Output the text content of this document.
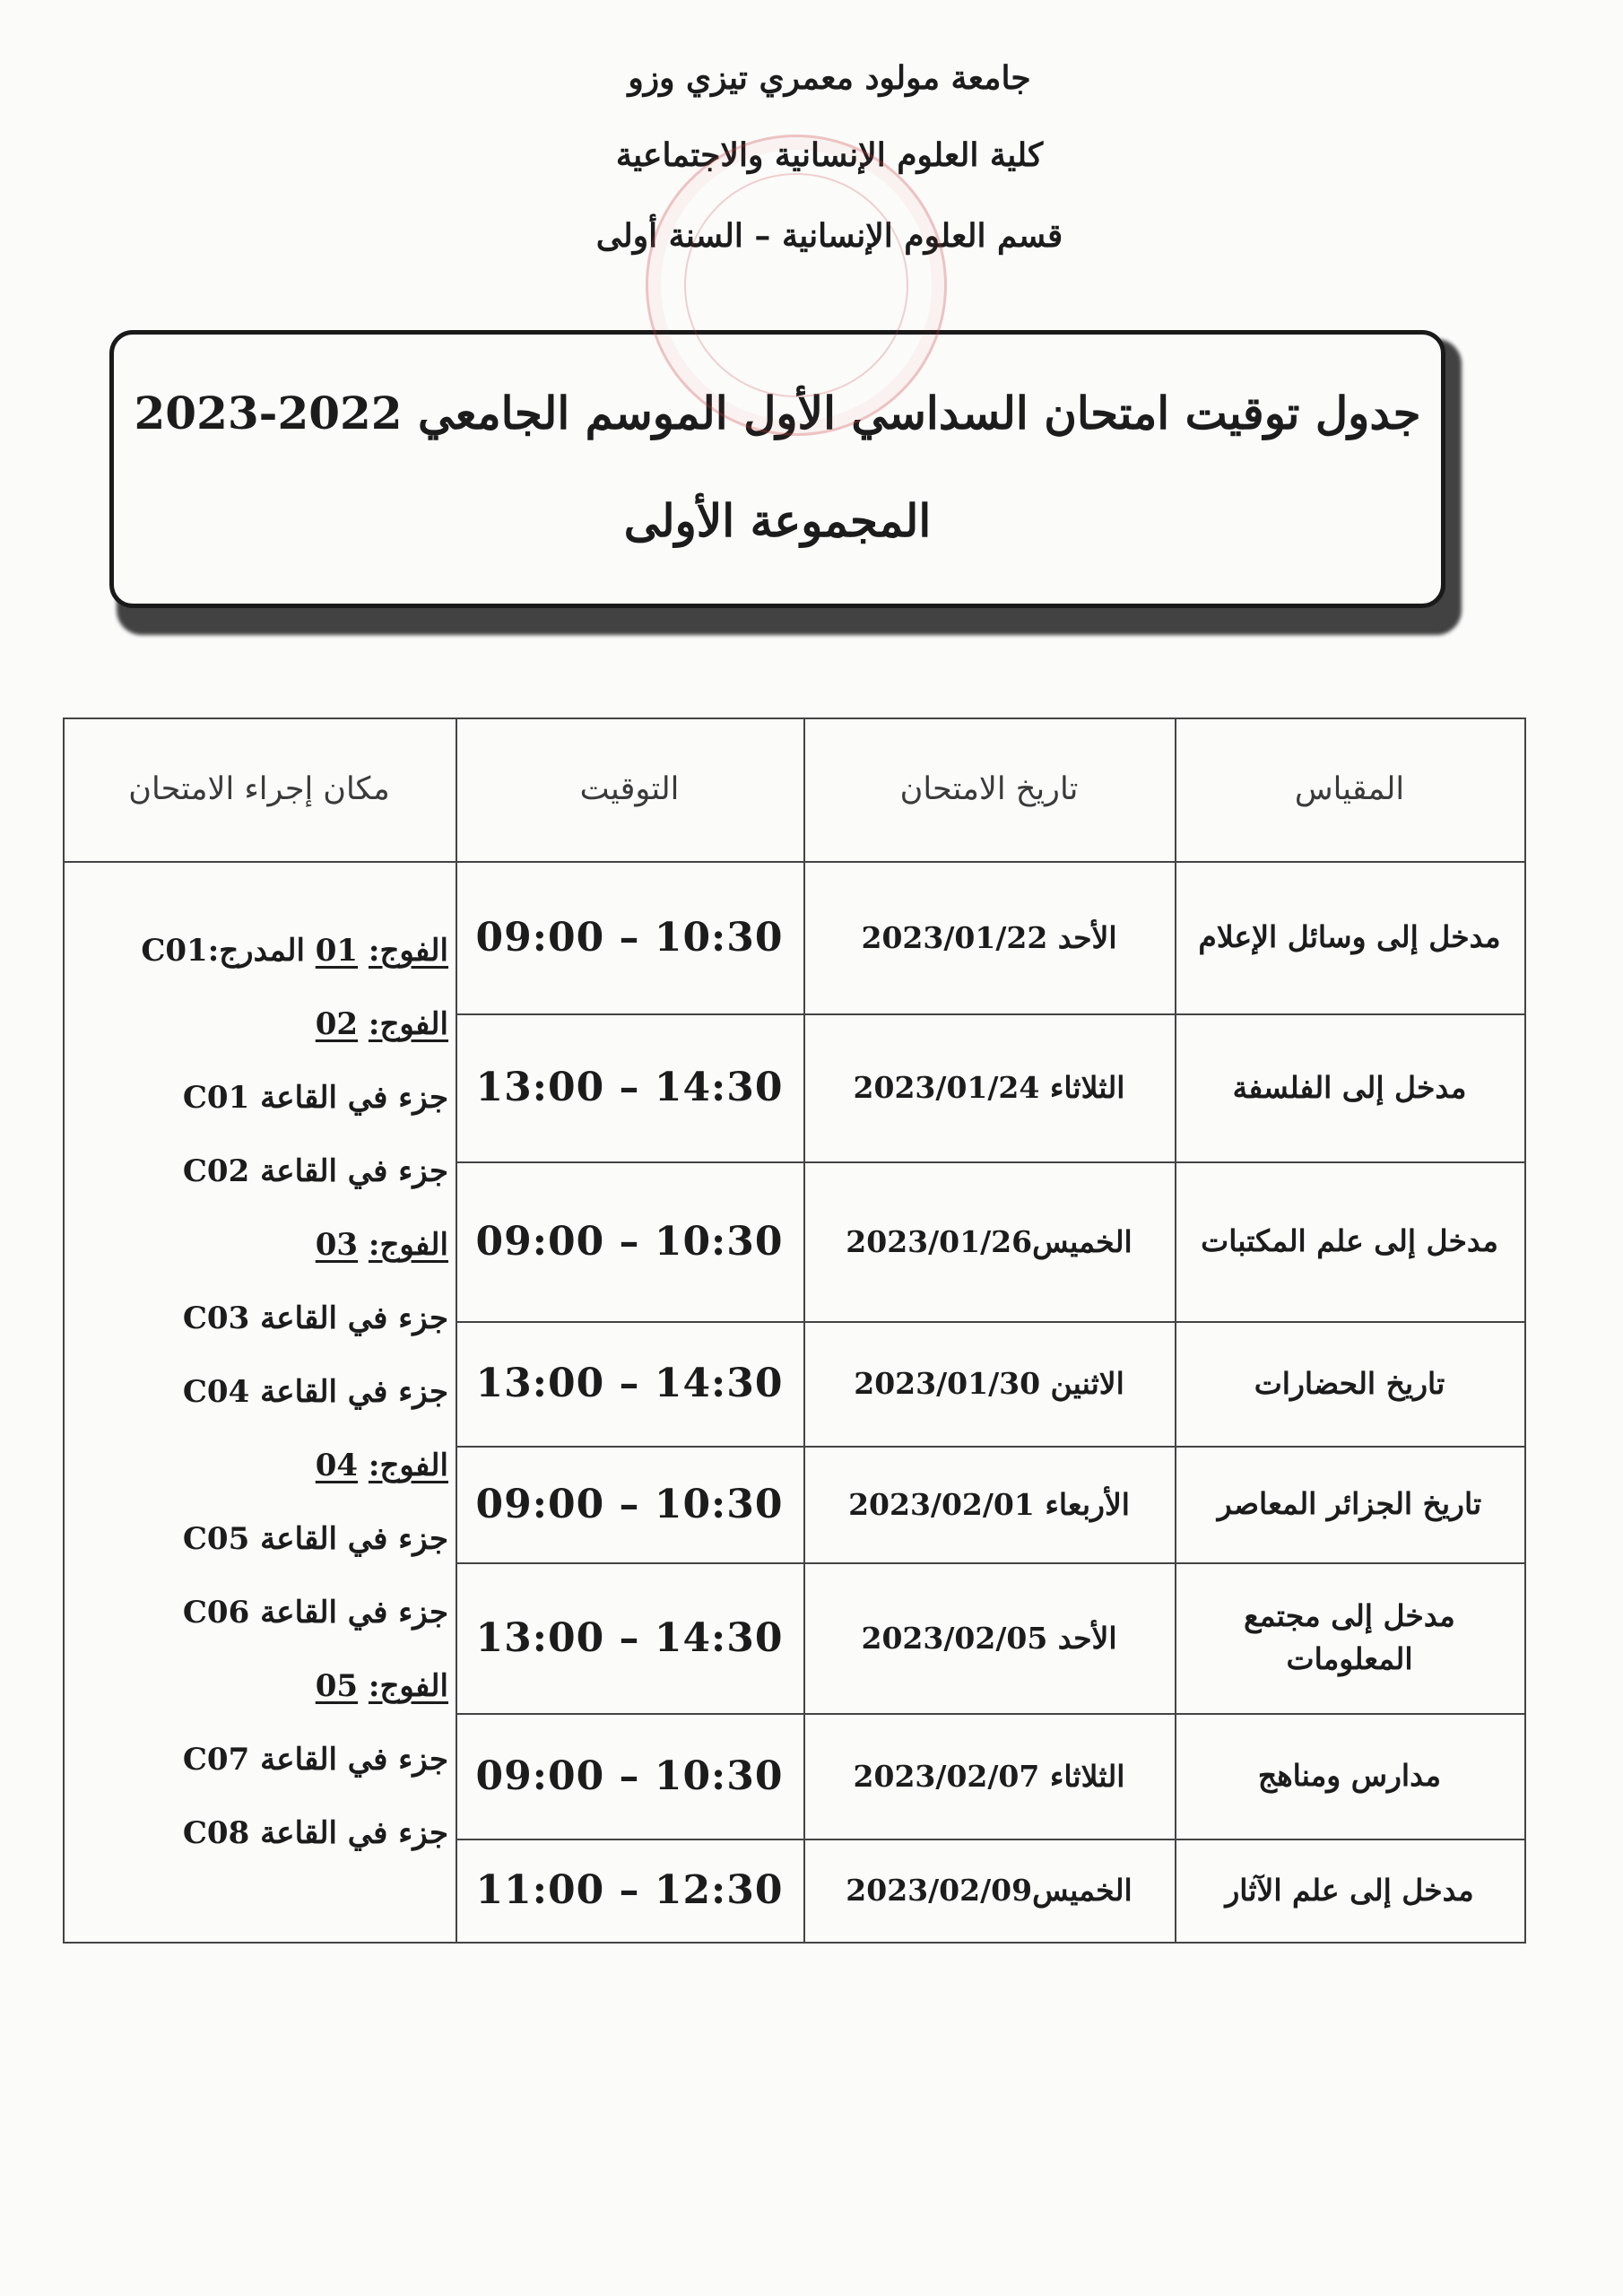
جامعة مولود معمري تيزي وزو
كلية العلوم الإنسانية والاجتماعية
قسم العلوم الإنسانية – السنة أولى
جدول توقيت امتحان السداسي الأول الموسم الجامعي 2022-2023
المجموعة الأولى
المقياس
تاريخ الامتحان
التوقيت
مكان إجراء الامتحان
مدخل إلى وسائل الإعلام
الأحد 2023/01/22
09:00 – 10:30
مدخل إلى الفلسفة
الثلاثاء 2023/01/24
13:00 – 14:30
مدخل إلى علم المكتبات
الخميس2023/01/26
09:00 – 10:30
تاريخ الحضارات
الاثنين 2023/01/30
13:00 – 14:30
تاريخ الجزائر المعاصر
الأربعاء 2023/02/01
09:00 – 10:30
مدخل إلى مجتمع المعلومات
الأحد 2023/02/05
13:00 – 14:30
مدارس ومناهج
الثلاثاء 2023/02/07
09:00 – 10:30
مدخل إلى علم الآثار
الخميس2023/02/09
11:00 – 12:30
الفوج: 01 المدرج:C01
الفوج: 02
جزء في القاعة C01
جزء في القاعة C02
الفوج: 03
جزء في القاعة C03
جزء في القاعة C04
الفوج: 04
جزء في القاعة C05
جزء في القاعة C06
الفوج: 05
جزء في القاعة C07
جزء في القاعة C08
